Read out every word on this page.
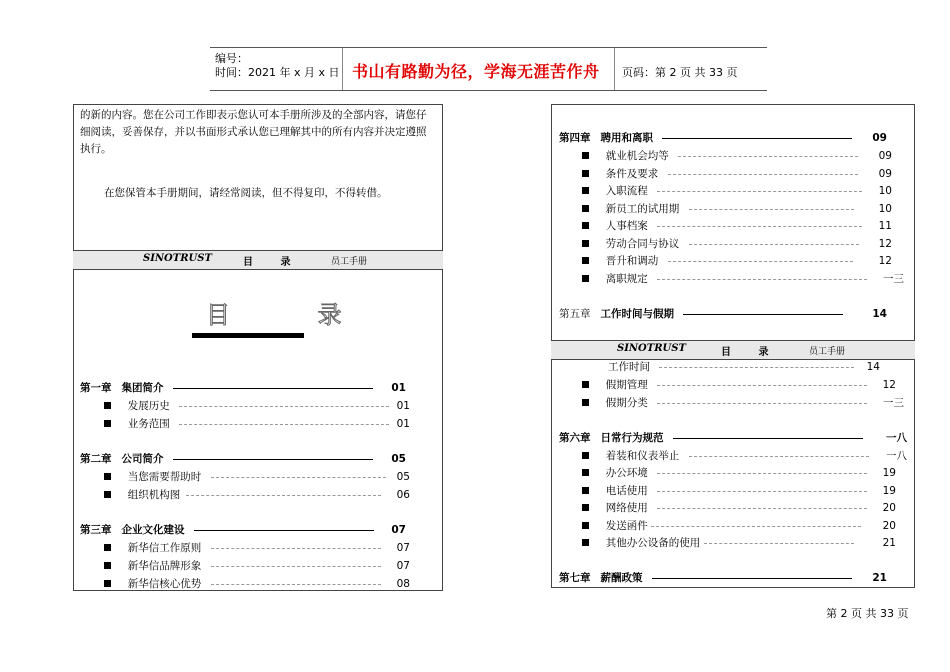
编号：
时间：2021 年 x 月 x 日 书山有路勤为径，学海无涯苦作舟 页码：第 2 页 共 33 页
的新的内容。您在公司工作即表示您认可本手册所涉及的全部内容，请您仔细阅读，妥善保存，并以书面形式承认您已理解其中的所有内容并决定遵照执行。
在您保管本手册期间，请经常阅读，但不得复印，不得转借。
SINOTRUST	目 录	员工手册
目 录
第一章 集团简介	01
发展历史	01
业务范围	01
第二章 公司简介	05
当您需要帮助时	05
组织机构图	06
第三章 企业文化建设	07
新华信工作原则	07
新华信品牌形象	07
新华信核心优势	08
第四章 聘用和离职	09
就业机会均等	09
条件及要求	09
入职流程	10
新员工的试用期	10
人事档案	11
劳动合同与协议	12
晋升和调动	12
离职规定	一三
第五章 工作时间与假期	14
SINOTRUST	目 录	员工手册
工作时间	14
假期管理	12
假期分类	一三
第六章 日常行为规范	一八
着装和仪表举止	一八
办公环境	19
电话使用	19
网络使用	20
发送函件	20
其他办公设备的使用	21
第七章 薪酬政策	21
第 2 页 共 33 页
